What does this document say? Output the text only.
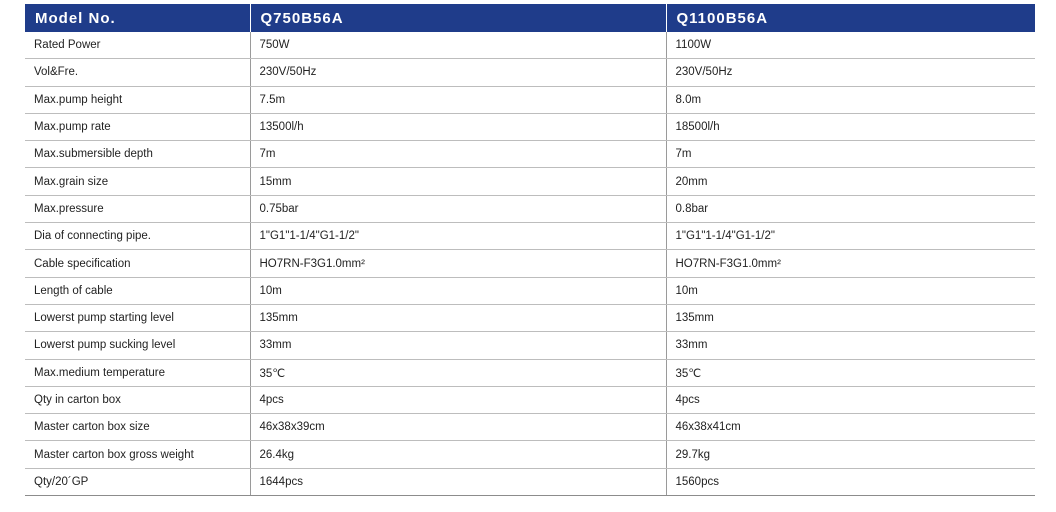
Model No.	Q750B56A	Q1100B56A
Rated Power	750W	1100W
Vol&Fre.	230V/50Hz	230V/50Hz
Max.pump height	7.5m	8.0m
Max.pump rate	13500l/h	18500l/h
Max.submersible depth	7m	7m
Max.grain size	15mm	20mm
Max.pressure	0.75bar	0.8bar
Dia of connecting pipe.	1"G1"1-1/4"G1-1/2"	1"G1"1-1/4"G1-1/2"
Cable specification	HO7RN-F3G1.0mm²	HO7RN-F3G1.0mm²
Length of cable	10m	10m
Lowerst pump starting level	135mm	135mm
Lowerst pump sucking level	33mm	33mm
Max.medium temperature	35℃	35℃
Qty in carton box	4pcs	4pcs
Master carton box size	46x38x39cm	46x38x41cm
Master carton box gross weight	26.4kg	29.7kg
Qty/20´GP	1644pcs	1560pcs
